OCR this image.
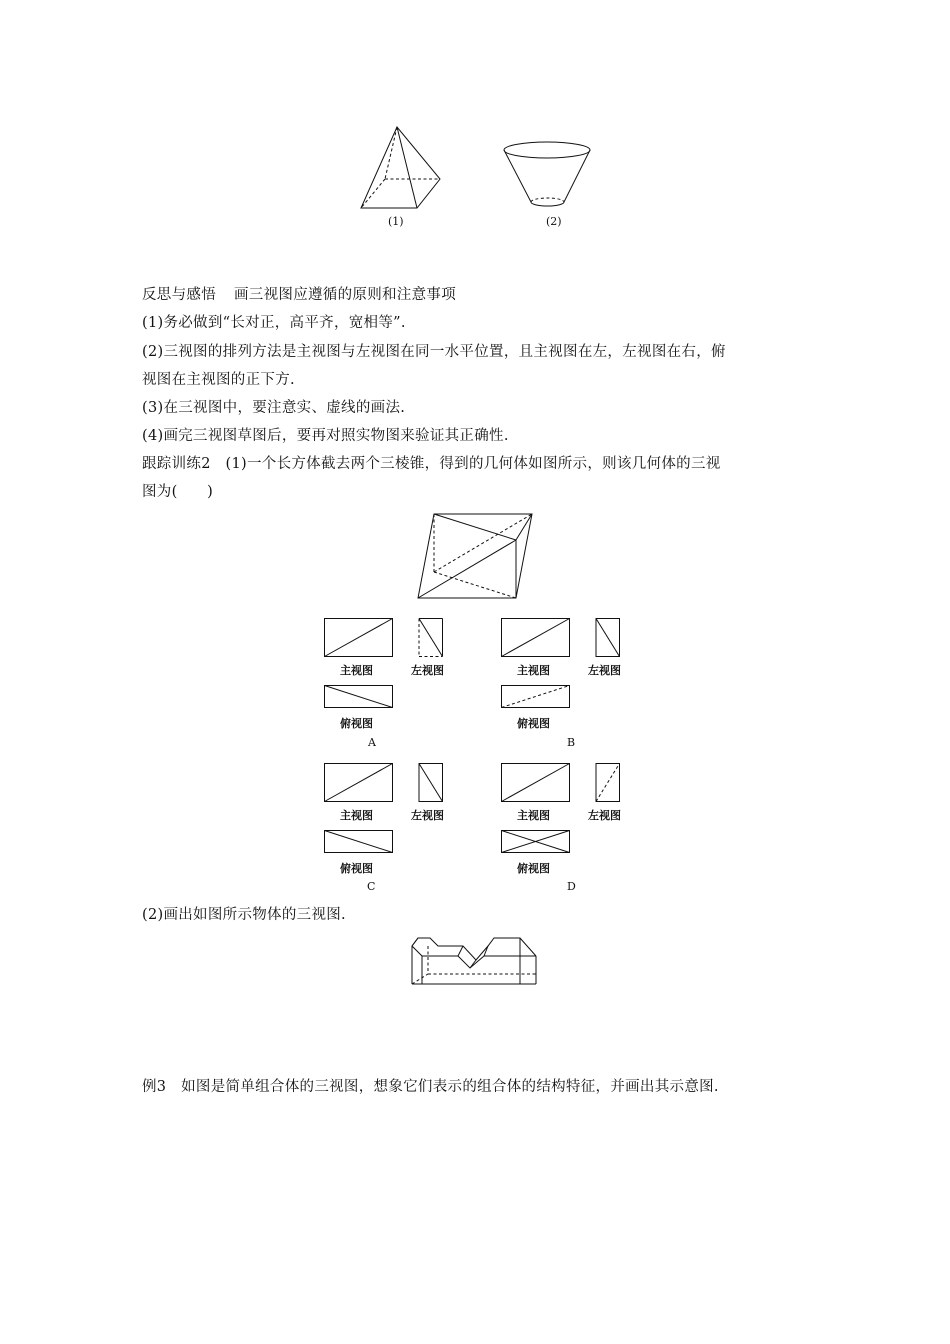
(1)	(2)
反思与感悟 画三视图应遵循的原则和注意事项
(1)务必做到“长对正，高平齐，宽相等”.
(2)三视图的排列方法是主视图与左视图在同一水平位置，且主视图在左，左视图在右，俯
视图在主视图的正下方.
(3)在三视图中，要注意实、虚线的画法.
(4)画完三视图草图后，要再对照实物图来验证其正确性.
跟踪训练2　(1)一个长方体截去两个三棱锥，得到的几何体如图所示，则该几何体的三视
图为(　　)
主视图	左视图
俯视图
A
主视图	左视图
俯视图
B
主视图	左视图
俯视图
C
主视图	左视图
俯视图
D
(2)画出如图所示物体的三视图.
例3　如图是简单组合体的三视图，想象它们表示的组合体的结构特征，并画出其示意图.
